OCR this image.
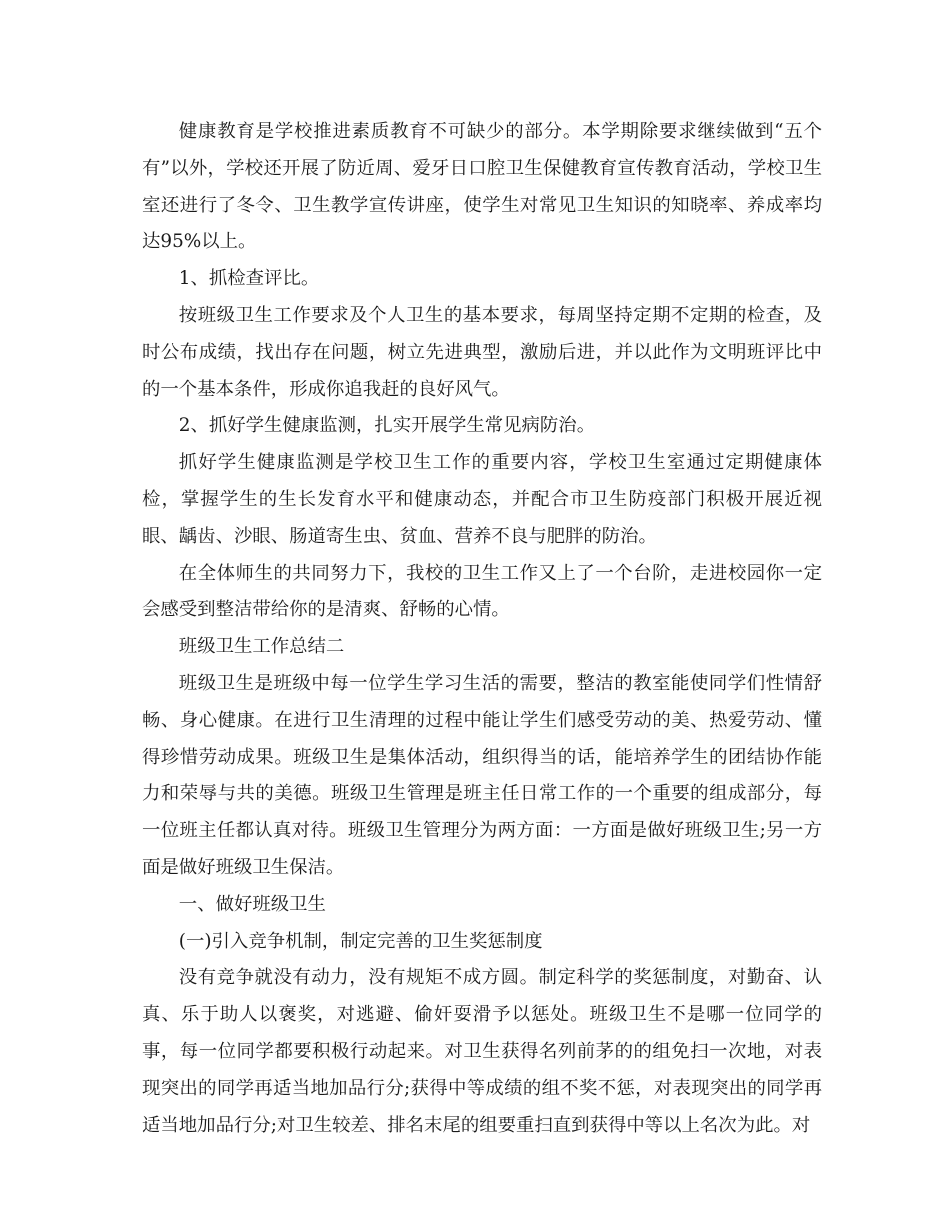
健康教育是学校推进素质教育不可缺少的部分。本学期除要求继续做到“五个有”以外，学校还开展了防近周、爱牙日口腔卫生保健教育宣传教育活动，学校卫生室还进行了冬令、卫生教学宣传讲座，使学生对常见卫生知识的知晓率、养成率均达95%以上。

1、抓检查评比。

按班级卫生工作要求及个人卫生的基本要求，每周坚持定期不定期的检查，及时公布成绩，找出存在问题，树立先进典型，激励后进，并以此作为文明班评比中的一个基本条件，形成你追我赶的良好风气。

2、抓好学生健康监测，扎实开展学生常见病防治。

抓好学生健康监测是学校卫生工作的重要内容，学校卫生室通过定期健康体检，掌握学生的生长发育水平和健康动态，并配合市卫生防疫部门积极开展近视眼、龋齿、沙眼、肠道寄生虫、贫血、营养不良与肥胖的防治。

在全体师生的共同努力下，我校的卫生工作又上了一个台阶，走进校园你一定会感受到整洁带给你的是清爽、舒畅的心情。

班级卫生工作总结二

班级卫生是班级中每一位学生学习生活的需要，整洁的教室能使同学们性情舒畅、身心健康。在进行卫生清理的过程中能让学生们感受劳动的美、热爱劳动、懂得珍惜劳动成果。班级卫生是集体活动，组织得当的话，能培养学生的团结协作能力和荣辱与共的美德。班级卫生管理是班主任日常工作的一个重要的组成部分，每一位班主任都认真对待。班级卫生管理分为两方面：一方面是做好班级卫生;另一方面是做好班级卫生保洁。

一、做好班级卫生

(一)引入竞争机制，制定完善的卫生奖惩制度

没有竞争就没有动力，没有规矩不成方圆。制定科学的奖惩制度，对勤奋、认真、乐于助人以褒奖，对逃避、偷奸耍滑予以惩处。班级卫生不是哪一位同学的事，每一位同学都要积极行动起来。对卫生获得名列前茅的的组免扫一次地，对表现突出的同学再适当地加品行分;获得中等成绩的组不奖不惩，对表现突出的同学再适当地加品行分;对卫生较差、排名末尾的组要重扫直到获得中等以上名次为此。对
